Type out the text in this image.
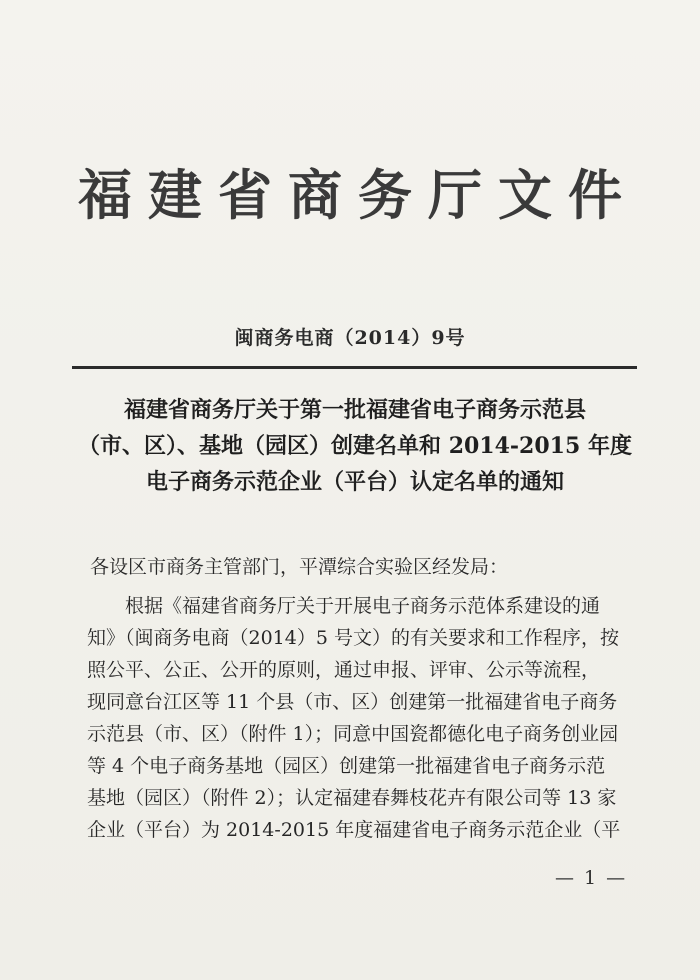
福建省商务厅文件
闽商务电商（2014）9号
福建省商务厅关于第一批福建省电子商务示范县
（市、区）、基地（园区）创建名单和 2014-2015 年度
电子商务示范企业（平台）认定名单的通知
各设区市商务主管部门，平潭综合实验区经发局：
根据《福建省商务厅关于开展电子商务示范体系建设的通
知》（闽商务电商（2014）5 号文）的有关要求和工作程序，按
照公平、公正、公开的原则，通过申报、评审、公示等流程，
现同意台江区等 11 个县（市、区）创建第一批福建省电子商务
示范县（市、区）（附件 1）；同意中国瓷都德化电子商务创业园
等 4 个电子商务基地（园区）创建第一批福建省电子商务示范
基地（园区）（附件 2）；认定福建春舞枝花卉有限公司等 13 家
企业（平台）为 2014-2015 年度福建省电子商务示范企业（平
— 1 —
